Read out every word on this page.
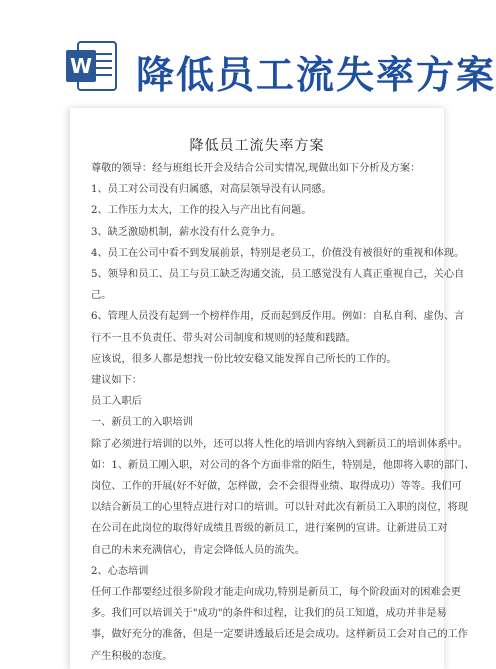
W 降低员工流失率方案
降低员工流失率方案
尊敬的领导：经与班组长开会及结合公司实情况,现做出如下分析及方案：
1、员工对公司没有归属感，对高层领导没有认同感。
2、工作压力太大，工作的投入与产出比有问题。
3、缺乏激励机制，薪水没有什么竞争力。
4、员工在公司中看不到发展前景，特别是老员工，价值没有被很好的重视和体现。
5、领导和员工、员工与员工缺乏沟通交流，员工感觉没有人真正重视自己，关心自
己。
6、管理人员没有起到一个榜样作用，反而起到反作用。例如：自私自利、虚伪、言
行不一且不负责任、带头对公司制度和规则的轻蔑和践踏。
应该说，很多人都是想找一份比较安稳又能发挥自己所长的工作的。
建议如下：
员工入职后
一、新员工的入职培训
除了必须进行培训的以外，还可以将人性化的培训内容纳入到新员工的培训体系中。
如：1、新员工刚入职，对公司的各个方面非常的陌生，特别是，他即将入职的部门、
岗位、工作的开展(好不好做，怎样做，会不会很得业绩、取得成功）等等。我们可
以结合新员工的心里特点进行对口的培训。可以针对此次有新员工入职的岗位，将现
在公司在此岗位的取得好成绩且晋级的新员工，进行案例的宣讲。让新进员工对
自己的未来充满信心，肯定会降低人员的流失。
2、心态培训
任何工作都要经过很多阶段才能走向成功,特别是新员工，每个阶段面对的困难会更
多。我们可以培训关于"成功"的条件和过程，让我们的员工知道，成功并非是易
事，做好充分的准备，但是一定要讲透最后还是会成功。这样新员工会对自己的工作
产生积极的态度。
